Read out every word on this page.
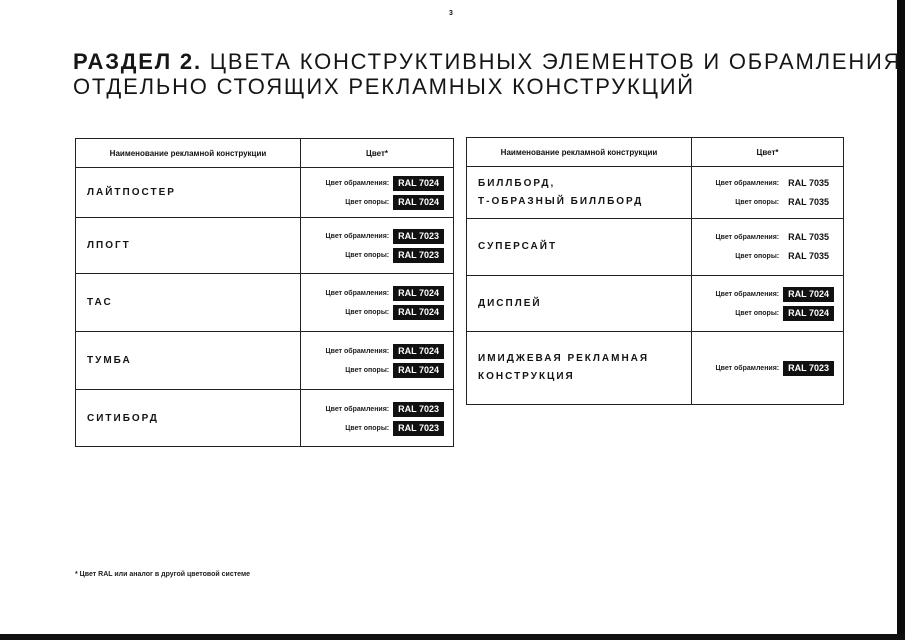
3
РАЗДЕЛ 2. ЦВЕТА КОНСТРУКТИВНЫХ ЭЛЕМЕНТОВ И ОБРАМЛЕНИЯ
ОТДЕЛЬНО СТОЯЩИХ РЕКЛАМНЫХ КОНСТРУКЦИЙ
Наименование рекламной конструкции	Цвет*
ЛАЙТПОСТЕР
Цвет обрамления:	RAL 7024
Цвет опоры:	RAL 7024
ЛПОГТ
Цвет обрамления:	RAL 7023
Цвет опоры:	RAL 7023
ТАС
Цвет обрамления:	RAL 7024
Цвет опоры:	RAL 7024
ТУМБА
Цвет обрамления:	RAL 7024
Цвет опоры:	RAL 7024
СИТИБОРД
Цвет обрамления:	RAL 7023
Цвет опоры:	RAL 7023
Наименование рекламной конструкции	Цвет*
БИЛЛБОРД,
Т-ОБРАЗНЫЙ БИЛЛБОРД
Цвет обрамления:	RAL 7035
Цвет опоры:	RAL 7035
СУПЕРСАЙТ
Цвет обрамления:	RAL 7035
Цвет опоры:	RAL 7035
ДИСПЛЕЙ
Цвет обрамления:	RAL 7024
Цвет опоры:	RAL 7024
ИМИДЖЕВАЯ РЕКЛАМНАЯ
КОНСТРУКЦИЯ
Цвет обрамления:	RAL 7023
* Цвет RAL или аналог в другой цветовой системе
